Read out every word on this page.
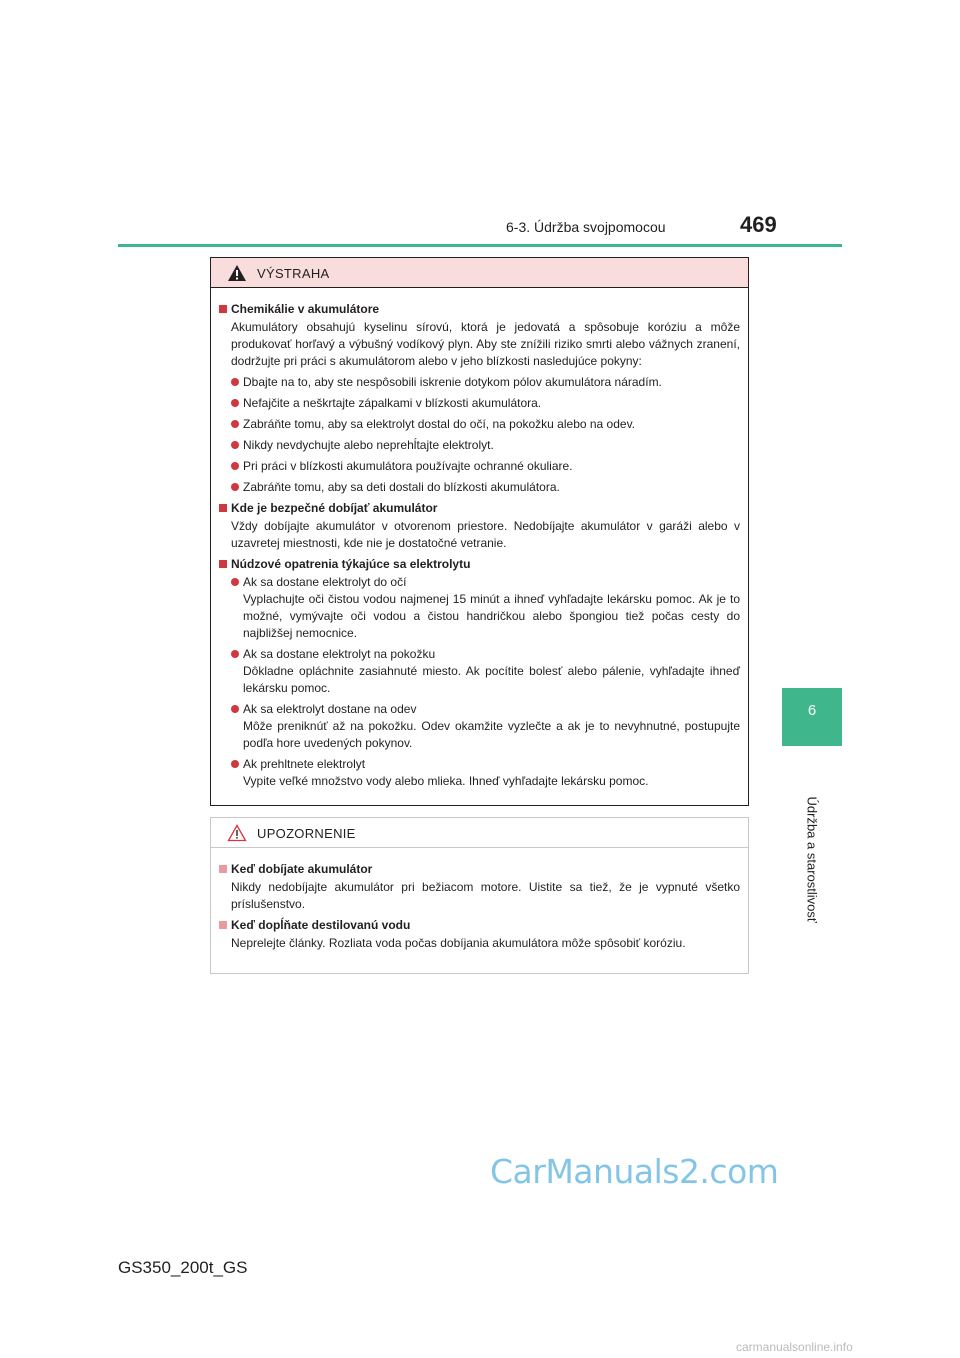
6-3. Údržba svojpomocou	469
6
Údržba a starostlivosť
VÝSTRAHA
Chemikálie v akumulátore
Akumulátory obsahujú kyselinu sírovú, ktorá je jedovatá a spôsobuje koróziu a môže produkovať horľavý a výbušný vodíkový plyn. Aby ste znížili riziko smrti alebo vážnych zranení, dodržujte pri práci s akumulátorom alebo v jeho blízkosti nasledujúce pokyny:
Dbajte na to, aby ste nespôsobili iskrenie dotykom pólov akumulátora náradím.
Nefajčite a neškrtajte zápalkami v blízkosti akumulátora.
Zabráňte tomu, aby sa elektrolyt dostal do očí, na pokožku alebo na odev.
Nikdy nevdychujte alebo neprehĺtajte elektrolyt.
Pri práci v blízkosti akumulátora používajte ochranné okuliare.
Zabráňte tomu, aby sa deti dostali do blízkosti akumulátora.
Kde je bezpečné dobíjať akumulátor
Vždy dobíjajte akumulátor v otvorenom priestore. Nedobíjajte akumulátor v garáži alebo v uzavretej miestnosti, kde nie je dostatočné vetranie.
Núdzové opatrenia týkajúce sa elektrolytu
Ak sa dostane elektrolyt do očí
Vyplachujte oči čistou vodou najmenej 15 minút a ihneď vyhľadajte lekársku pomoc. Ak je to možné, vymývajte oči vodou a čistou handričkou alebo špongiou tiež počas cesty do najbližšej nemocnice.
Ak sa dostane elektrolyt na pokožku
Dôkladne opláchnite zasiahnuté miesto. Ak pocítite bolesť alebo pálenie, vyhľadajte ihneď lekársku pomoc.
Ak sa elektrolyt dostane na odev
Môže preniknúť až na pokožku. Odev okamžite vyzlečte a ak je to nevyhnutné, postupujte podľa hore uvedených pokynov.
Ak prehltnete elektrolyt
Vypite veľké množstvo vody alebo mlieka. Ihneď vyhľadajte lekársku pomoc.
UPOZORNENIE
Keď dobíjate akumulátor
Nikdy nedobíjajte akumulátor pri bežiacom motore. Uistite sa tiež, že je vypnuté všetko príslušenstvo.
Keď dopĺňate destilovanú vodu
Neprelejte články. Rozliata voda počas dobíjania akumulátora môže spôsobiť koróziu.
GS350_200t_GS
CarManuals2.com
carmanualsonline.info
